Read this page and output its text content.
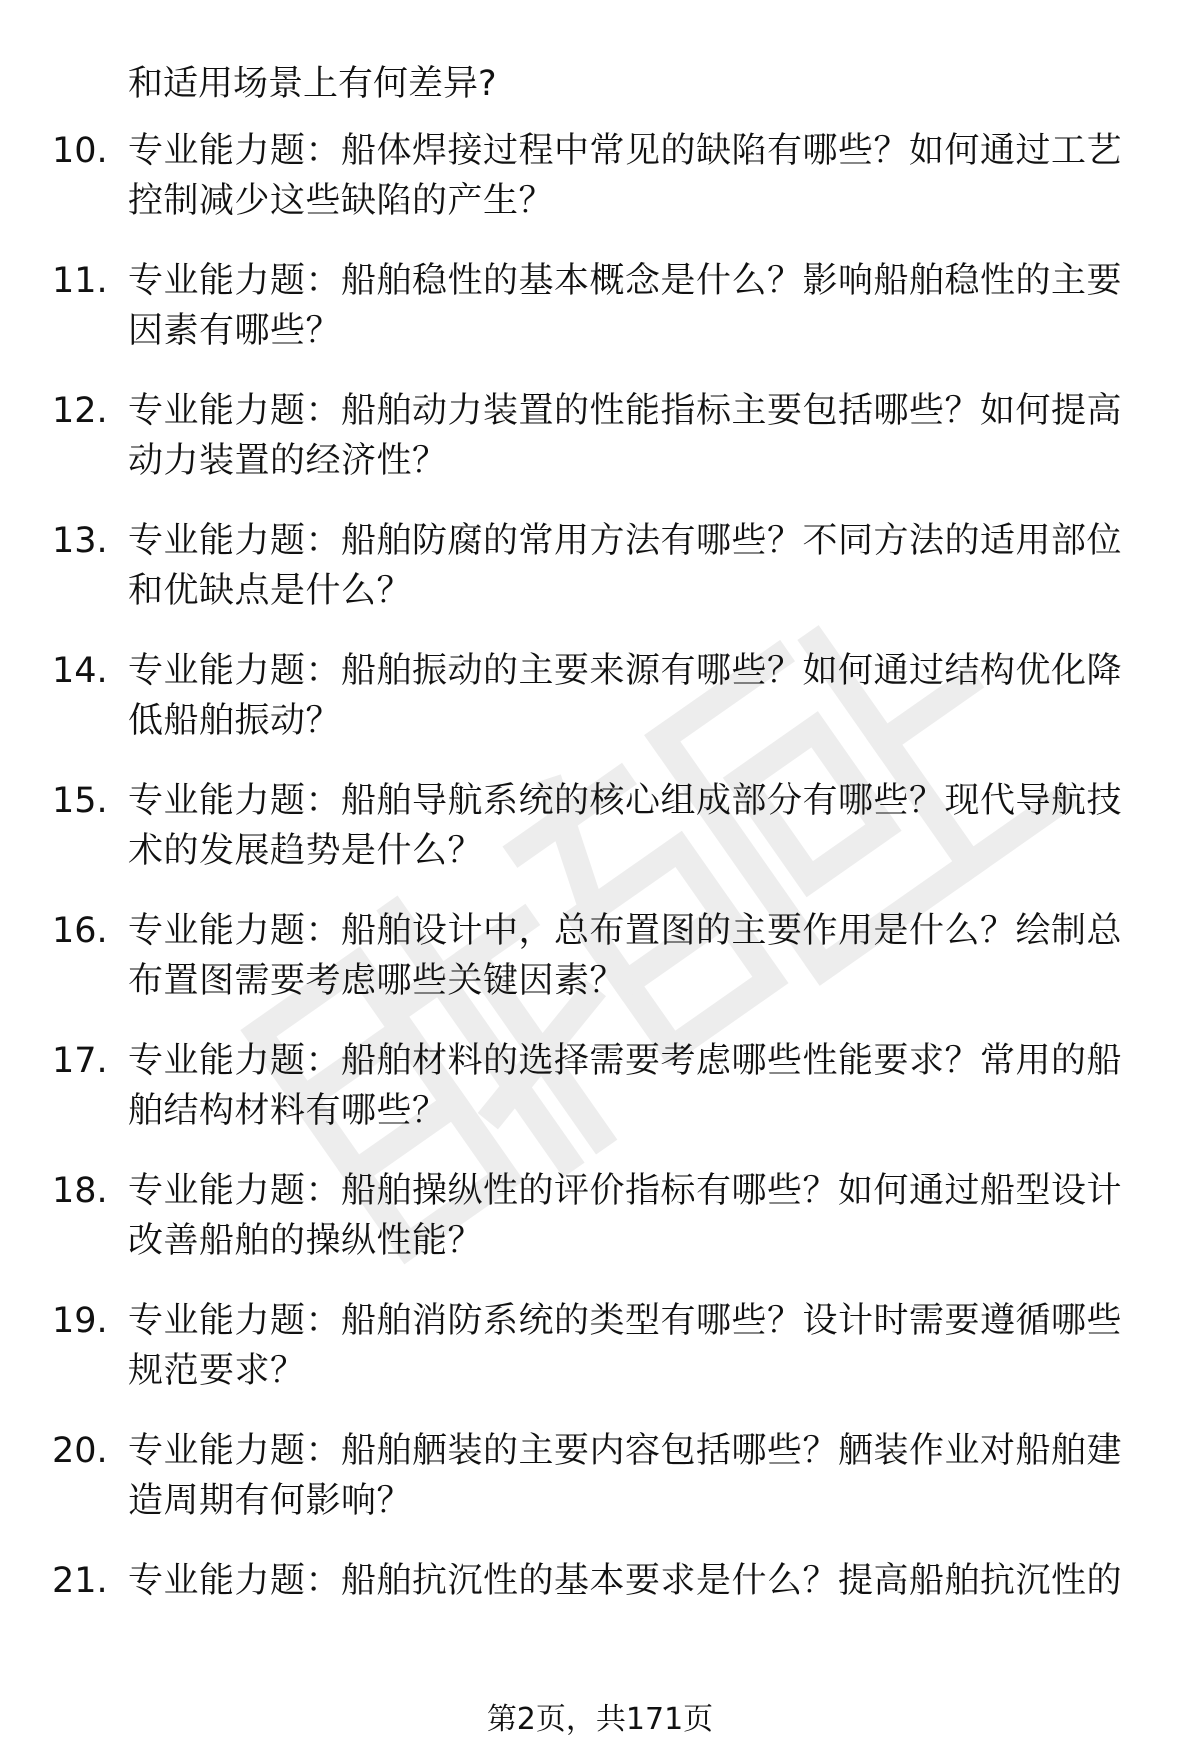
和适用场景上有何差异?
10. 专业能力题：船体焊接过程中常见的缺陷有哪些？如何通过工艺
控制减少这些缺陷的产生？
11. 专业能力题：船舶稳性的基本概念是什么？影响船舶稳性的主要
因素有哪些？
12. 专业能力题：船舶动力装置的性能指标主要包括哪些？如何提高
动力装置的经济性？
13. 专业能力题：船舶防腐的常用方法有哪些？不同方法的适用部位
和优缺点是什么？
14. 专业能力题：船舶振动的主要来源有哪些？如何通过结构优化降
低船舶振动？
15. 专业能力题：船舶导航系统的核心组成部分有哪些？现代导航技
术的发展趋势是什么？
16. 专业能力题：船舶设计中，总布置图的主要作用是什么？绘制总
布置图需要考虑哪些关键因素？
17. 专业能力题：船舶材料的选择需要考虑哪些性能要求？常用的船
舶结构材料有哪些？
18. 专业能力题：船舶操纵性的评价指标有哪些？如何通过船型设计
改善船舶的操纵性能？
19. 专业能力题：船舶消防系统的类型有哪些？设计时需要遵循哪些
规范要求？
20. 专业能力题：船舶舾装的主要内容包括哪些？舾装作业对船舶建
造周期有何影响？
21. 专业能力题：船舶抗沉性的基本要求是什么？提高船舶抗沉性的
第2页，共171页
